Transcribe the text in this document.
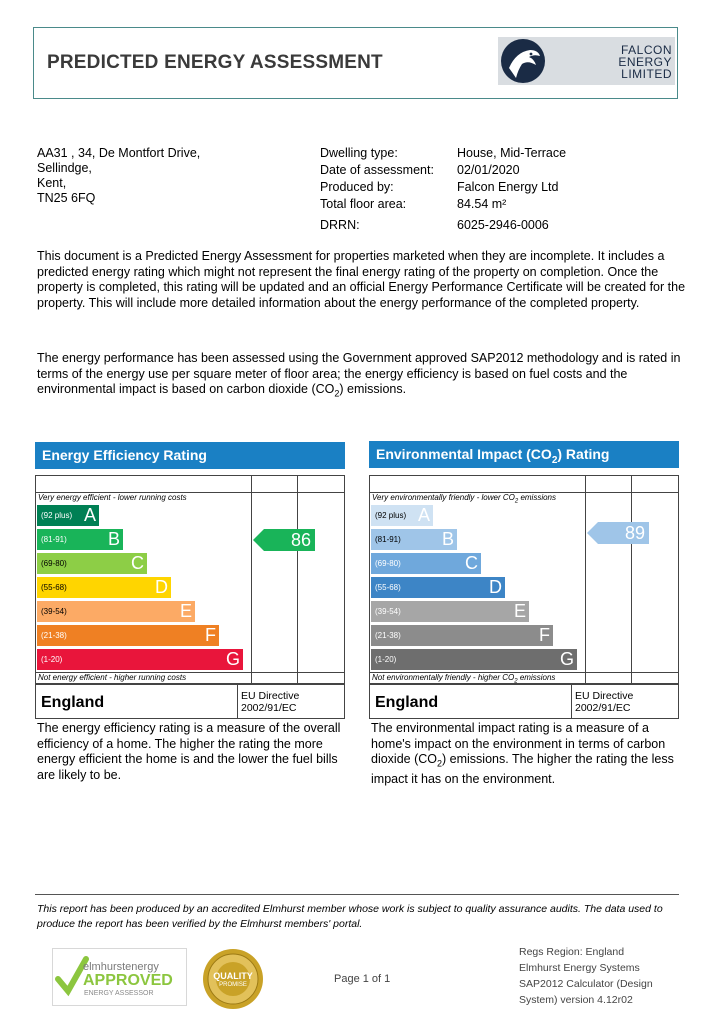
PREDICTED ENERGY ASSESSMENT
FALCON
ENERGY
LIMITED
AA31 , 34, De Montfort Drive,
Sellindge,
Kent,
TN25 6FQ
Dwelling type:	House, Mid-Terrace
Date of assessment: 02/01/2020
Produced by:	Falcon Energy Ltd
Total floor area:	84.54 m²
DRRN:	6025-2946-0006
This document is a Predicted Energy Assessment for properties marketed when they are incomplete. It includes a predicted energy rating which might not represent the final energy rating of the property on completion. Once the property is completed, this rating will be updated and an official Energy Performance Certificate will be created for the property. This will include more detailed information about the energy performance of the completed property.
The energy performance has been assessed using the Government approved SAP2012 methodology and is rated in terms of the energy use per square meter of floor area; the energy efficiency is based on fuel costs and the environmental impact is based on carbon dioxide $(CO_2)$ emissions.
Energy Efficiency Rating
Very energy efficient - lower running costs
(92 plus) A
(81-91) B
(69-80)	C
(55-68)	D
(39-54)	E
(21-38)	F
(1-20)	G
Not energy efficient - higher running costs
86
England	EU Directive
2002/91/EC
The energy efficiency rating is a measure of the overall efficiency of a home. The higher the rating the more energy efficient the home is and the lower the fuel bills are likely to be.
Environmental Impact $(CO_2)$ Rating
Very environmentally friendly - lower $CO_2$ emissions
(92 plus) A
(81-91) B
(69-80)	C
(55-68)	D
(39-54)	E
(21-38)	F
(1-20)	G
Not environmentally friendly - higher $CO_2$ emissions
89
England	EU Directive
2002/91/EC
The environmental impact rating is a measure of a home's impact on the environment in terms of carbon dioxide $(CO_2)$ emissions. The higher the rating the less impact it has on the environment.
This report has been produced by an accredited Elmhurst member whose work is subject to quality assurance audits. The data used to produce the report has been verified by the Elmhurst members' portal.
elmhurstenergy
APPROVED
ENERGY ASSESSOR
QUALITY
PROMISE	Page 1 of 1
Regs Region: England
Elmhurst Energy Systems
SAP2012 Calculator (Design
System) version 4.12r02
